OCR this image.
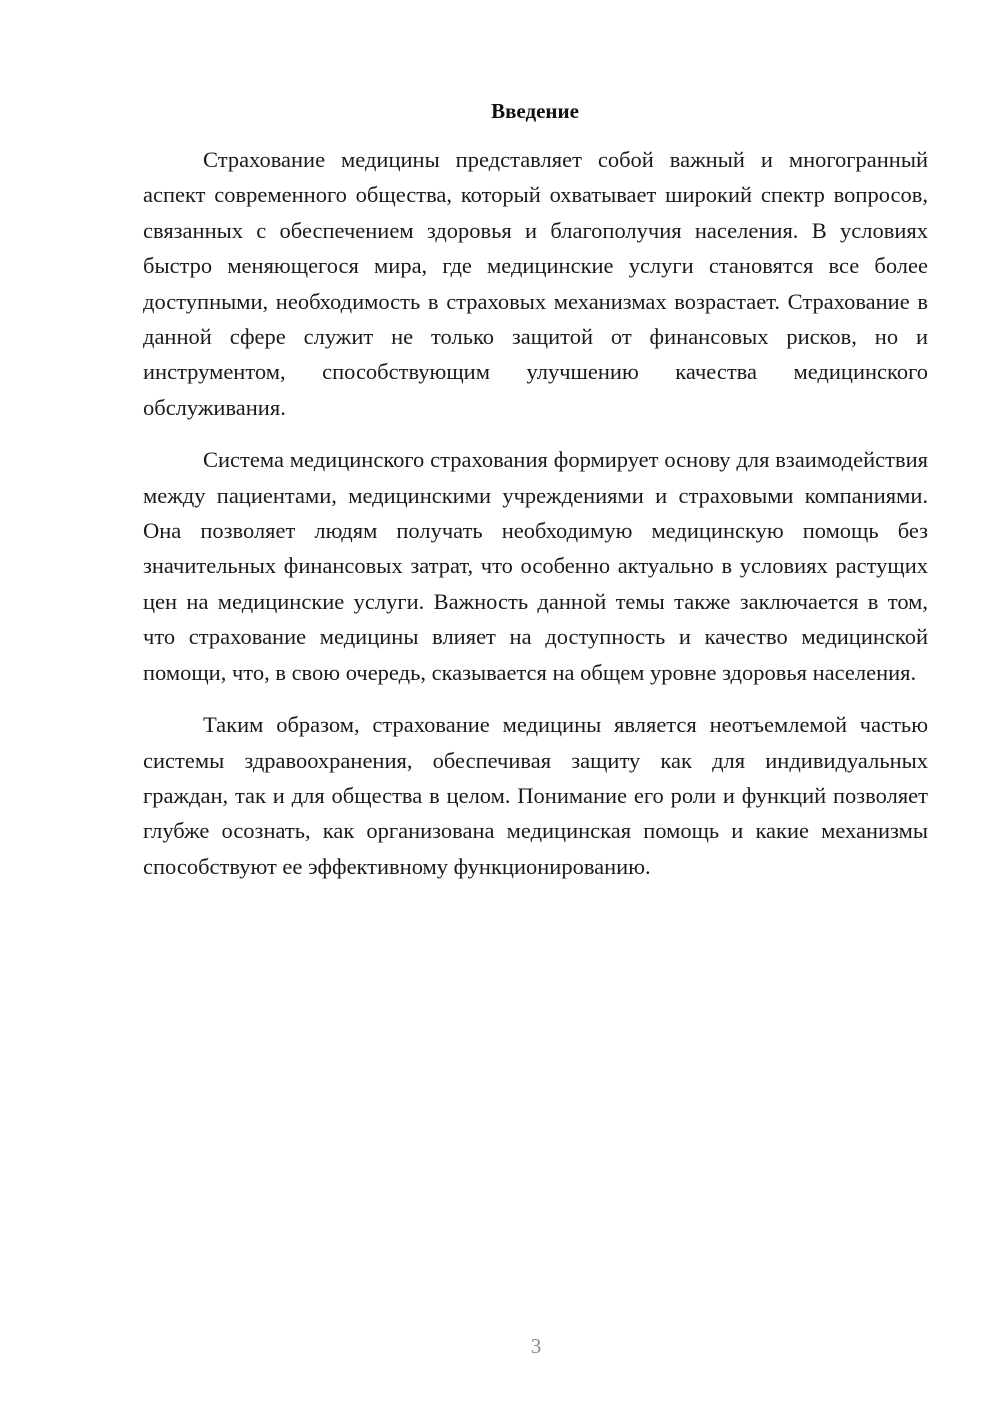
Введение

Страхование медицины представляет собой важный и многогранный аспект современного общества, который охватывает широкий спектр вопросов, связанных с обеспечением здоровья и благополучия населения. В условиях быстро меняющегося мира, где медицинские услуги становятся все более доступными, необходимость в страховых механизмах возрастает. Страхование в данной сфере служит не только защитой от финансовых рисков, но и инструментом, способствующим улучшению качества медицинского обслуживания.

Система медицинского страхования формирует основу для взаимодействия между пациентами, медицинскими учреждениями и страховыми компаниями. Она позволяет людям получать необходимую медицинскую помощь без значительных финансовых затрат, что особенно актуально в условиях растущих цен на медицинские услуги. Важность данной темы также заключается в том, что страхование медицины влияет на доступность и качество медицинской помощи, что, в свою очередь, сказывается на общем уровне здоровья населения.

Таким образом, страхование медицины является неотъемлемой частью системы здравоохранения, обеспечивая защиту как для индивидуальных граждан, так и для общества в целом. Понимание его роли и функций позволяет глубже осознать, как организована медицинская помощь и какие механизмы способствуют ее эффективному функционированию.

3
